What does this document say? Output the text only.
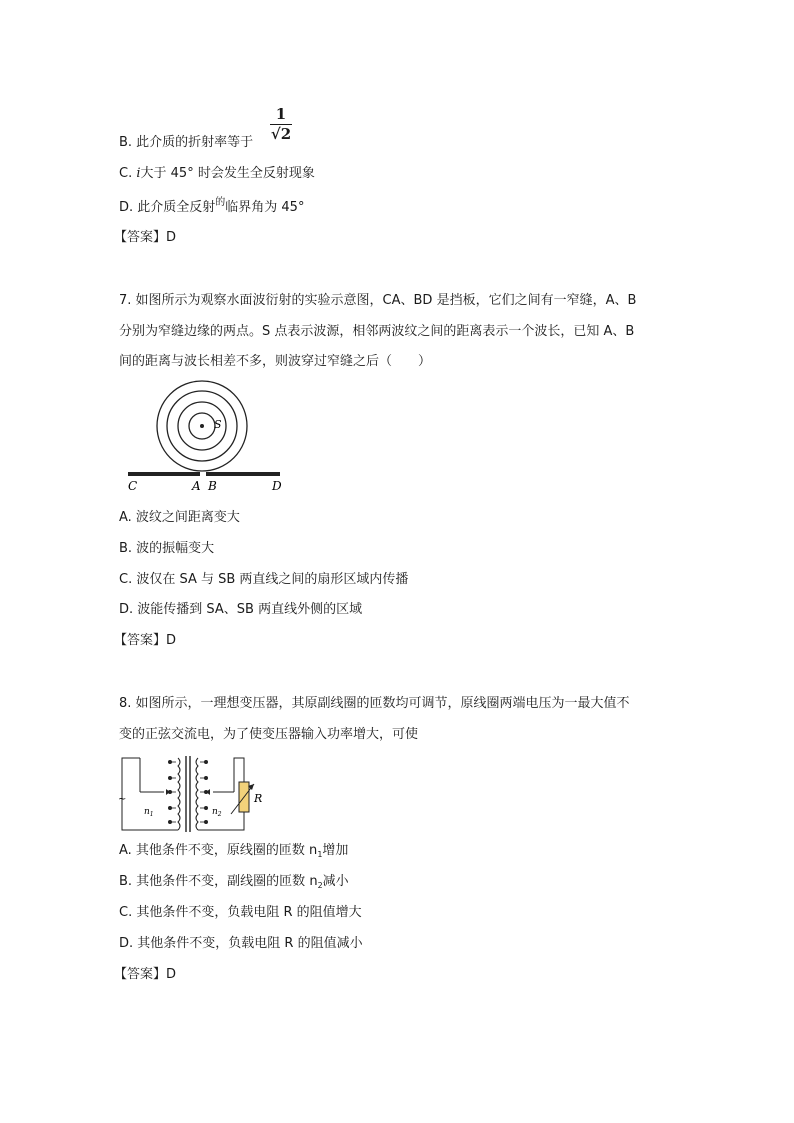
B. 此介质的折射率等于
1
√2
C. i大于 45° 时会发生全反射现象
D. 此介质全反射$^的$临界角为 45°
【答案】D
7. 如图所示为观察水面波衍射的实验示意图，CA、BD 是挡板，它们之间有一窄缝，A、B
分别为窄缝边缘的两点。S 点表示波源，相邻两波纹之间的距离表示一个波长，已知 A、B
间的距离与波长相差不多，则波穿过窄缝之后（　　）
S
C	A B	D
A. 波纹之间距离变大
B. 波的振幅变大
C. 波仅在 SA 与 SB 两直线之间的扇形区域内传播
D. 波能传播到 SA、SB 两直线外侧的区域
【答案】D
8. 如图所示，一理想变压器，其原副线圈的匝数均可调节，原线圈两端电压为一最大值不
变的正弦交流电，为了使变压器输入功率增大，可使
~
$n_1$	$n_2$
R
A. 其他条件不变，原线圈的匝数 $n_1$增加
B. 其他条件不变，副线圈的匝数 $n_2$减小
C. 其他条件不变，负载电阻 R 的阻值增大
D. 其他条件不变，负载电阻 R 的阻值减小
【答案】D
